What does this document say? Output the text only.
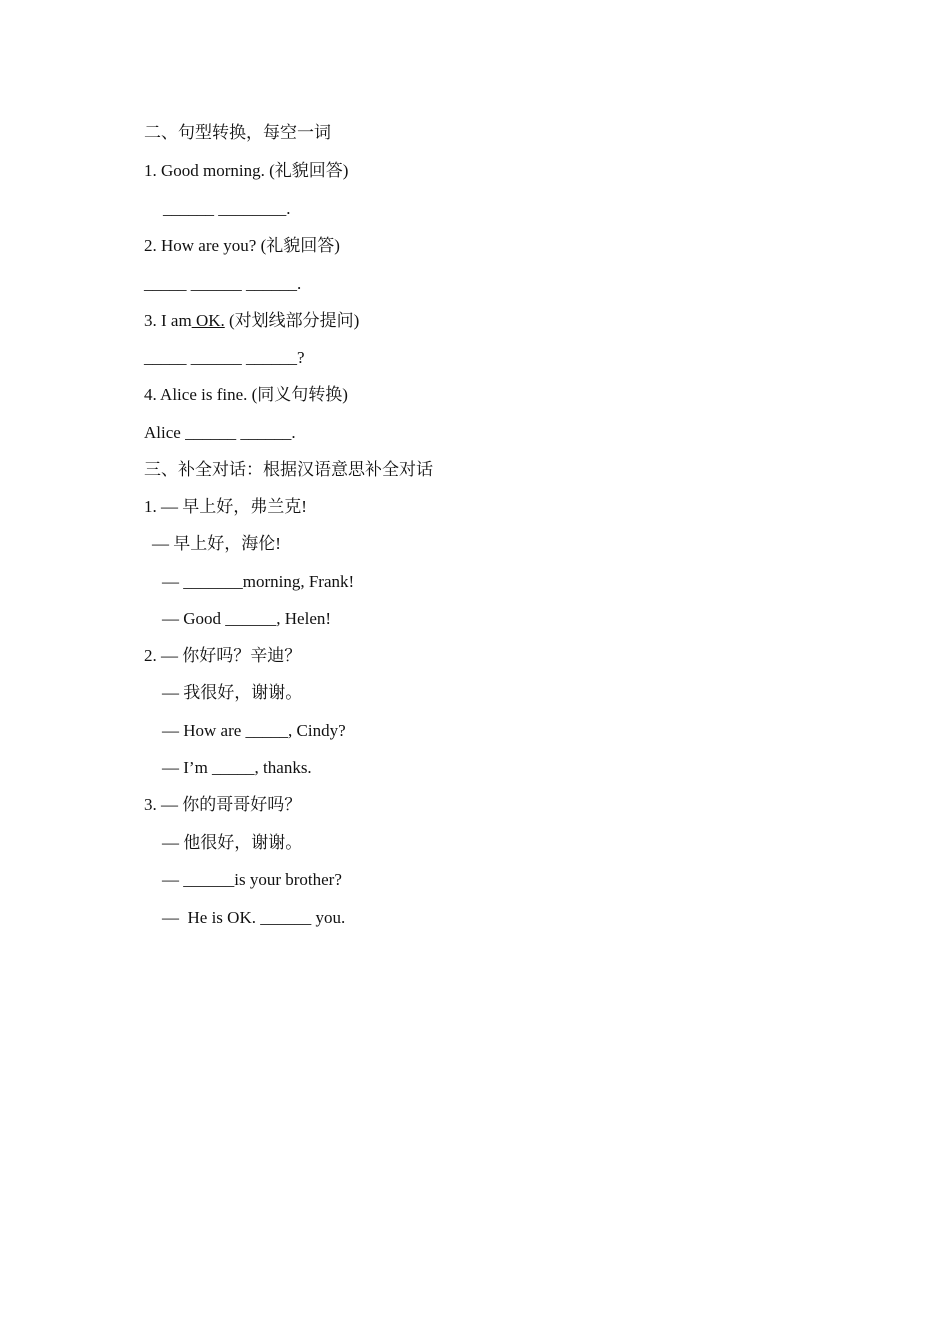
二、句型转换，每空一词
1. Good morning. (礼貌回答)
______ ________.
2. How are you? (礼貌回答)
_____ ______ ______.
3. I am OK. (对划线部分提问)
_____ ______ ______?
4. Alice is fine. (同义句转换)
Alice ______ ______.
三、补全对话：根据汉语意思补全对话
1. — 早上好，弗兰克!
— 早上好，海伦!
— _______morning, Frank!
— Good ______, Helen!
2. — 你好吗？辛迪？
— 我很好，谢谢。
— How are _____, Cindy?
— I’m _____, thanks.
3. — 你的哥哥好吗？
— 他很好，谢谢。
— ______is your brother?
—  He is OK. ______ you.
